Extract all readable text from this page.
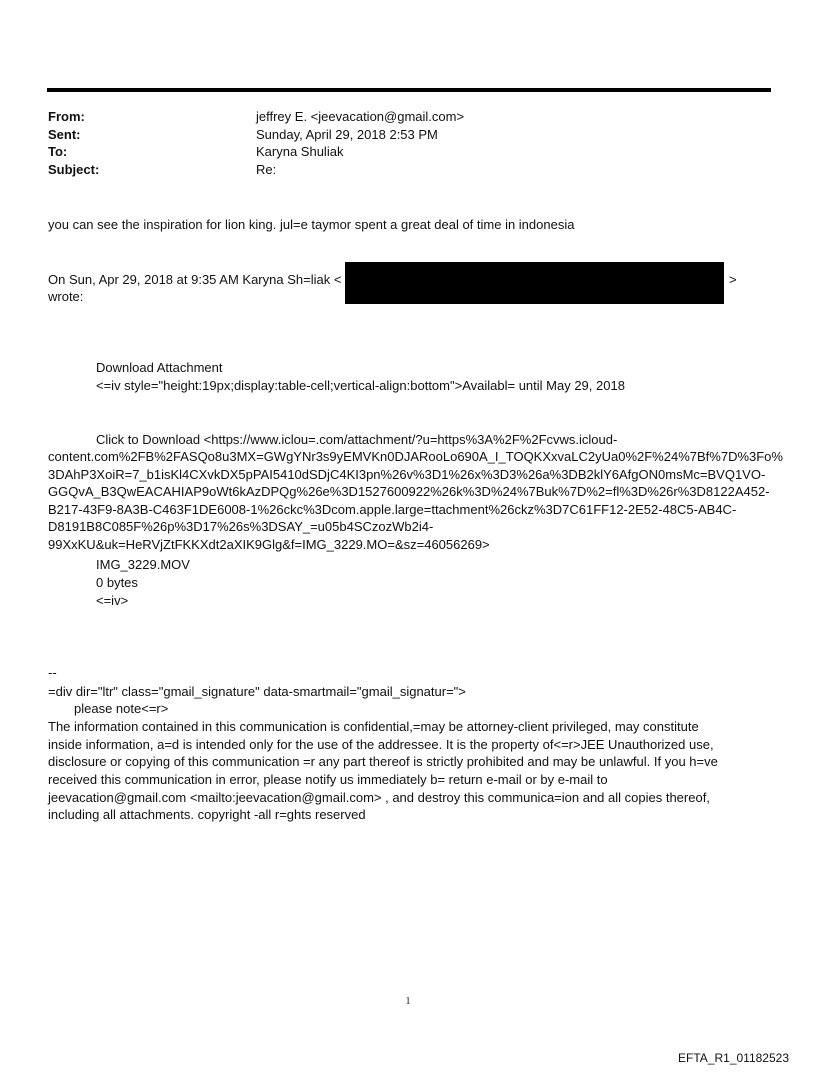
From:	jeffrey E. <jeevacation@gmail.com>
Sent:	Sunday, April 29, 2018 2:53 PM
To:	Karyna Shuliak
Subject:	Re:
you can see the inspiration for lion king. jul=e taymor spent a great deal of time in indonesia
On Sun, Apr 29, 2018 at 9:35 AM Karyna Sh=liak <	>
wrote:
Download Attachment
<=iv style="height:19px;display:table-cell;vertical-align:bottom">Availabl= until May 29, 2018
Click to Download <https://www.iclou=.com/attachment/?u=https%3A%2F%2Fcvws.icloud-
content.com%2FB%2FASQo8u3MX=GWgYNr3s9yEMVKn0DJARooLo690A_I_TOQKXxvaLC2yUa0%2F%24%7Bf%7D%3Fo%
3DAhP3XoiR=7_b1isKl4CXvkDX5pPAI5410dSDjC4KI3pn%26v%3D1%26x%3D3%26a%3DB2klY6AfgON0msMc=BVQ1VO-
GGQvA_B3QwEACAHIAP9oWt6kAzDPQg%26e%3D1527600922%26k%3D%24%7Buk%7D%2=fl%3D%26r%3D8122A452-
B217-43F9-8A3B-C463F1DE6008-1%26ckc%3Dcom.apple.large=ttachment%26ckz%3D7C61FF12-2E52-48C5-AB4C-
D8191B8C085F%26p%3D17%26s%3DSAY_=u05b4SCzozWb2i4-
99XxKU&uk=HeRVjZtFKKXdt2aXIK9Glg&f=IMG_3229.MO=&sz=46056269>
IMG_3229.MOV
0 bytes
<=iv>
--
=div dir="ltr" class="gmail_signature" data-smartmail="gmail_signatur=">
please note<=r>
The information contained in this communication is confidential,=may be attorney-client privileged, may constitute
inside information, a=d is intended only for the use of the addressee. It is the property of<=r>JEE Unauthorized use,
disclosure or copying of this communication =r any part thereof is strictly prohibited and may be unlawful. If you h=ve
received this communication in error, please notify us immediately b= return e-mail or by e-mail to
jeevacation@gmail.com <mailto:jeevacation@gmail.com> , and destroy this communica=ion and all copies thereof,
including all attachments. copyright -all r=ghts reserved
1
EFTA_R1_01182523
